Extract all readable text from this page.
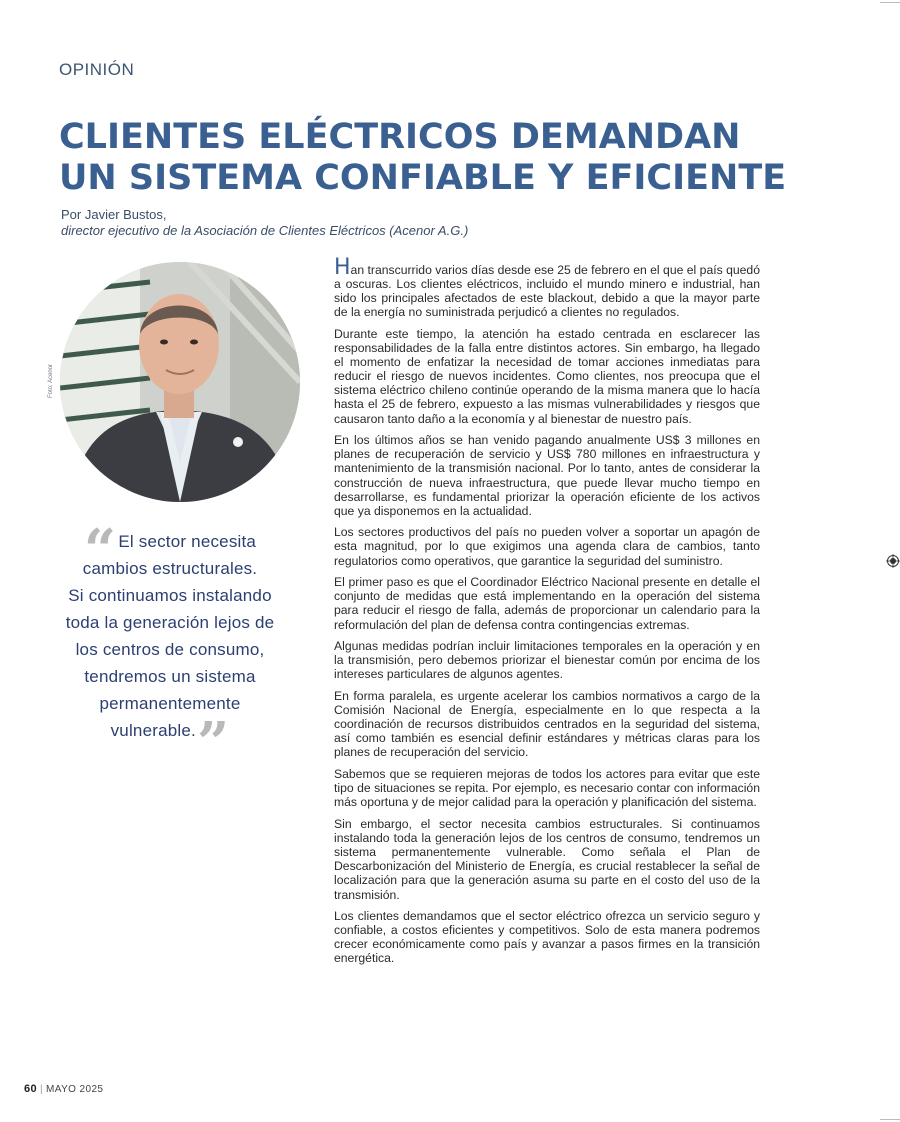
OPINIÓN
CLIENTES ELÉCTRICOS DEMANDAN
UN SISTEMA CONFIABLE Y EFICIENTE
Por Javier Bustos,
director ejecutivo de la Asociación de Clientes Eléctricos (Acenor A.G.)
Foto: Acenor
“ El sector necesita
cambios estructurales.
Si continuamos instalando
toda la generación lejos de
los centros de consumo,
tendremos un sistema
permanentemente
vulnerable.”

Han transcurrido varios días desde ese 25 de febrero en el que el país quedó a oscuras. Los clientes eléctricos, incluido el mundo minero e industrial, han sido los principales afectados de este blackout, debido a que la mayor parte de la energía no suministrada perjudicó a clientes no regulados.

Durante este tiempo, la atención ha estado centrada en esclarecer las responsabilidades de la falla entre distintos actores. Sin embargo, ha llegado el momento de enfatizar la necesidad de tomar acciones inmediatas para reducir el riesgo de nuevos incidentes. Como clientes, nos preocupa que el sistema eléctrico chileno continúe operando de la misma manera que lo hacía hasta el 25 de febrero, expuesto a las mismas vulnerabilidades y riesgos que causaron tanto daño a la economía y al bienestar de nuestro país.

En los últimos años se han venido pagando anualmente US$ 3 millones en planes de recuperación de servicio y US$ 780 millones en infraestructura y mantenimiento de la transmisión nacional. Por lo tanto, antes de considerar la construcción de nueva infraestructura, que puede llevar mucho tiempo en desarrollarse, es fundamental priorizar la operación eficiente de los activos que ya disponemos en la actualidad.

Los sectores productivos del país no pueden volver a soportar un apagón de esta magnitud, por lo que exigimos una agenda clara de cambios, tanto regulatorios como operativos, que garantice la seguridad del suministro.

El primer paso es que el Coordinador Eléctrico Nacional presente en detalle el conjunto de medidas que está implementando en la operación del sistema para reducir el riesgo de falla, además de proporcionar un calendario para la reformulación del plan de defensa contra contingencias extremas.

Algunas medidas podrían incluir limitaciones temporales en la operación y en la transmisión, pero debemos priorizar el bienestar común por encima de los intereses particulares de algunos agentes.

En forma paralela, es urgente acelerar los cambios normativos a cargo de la Comisión Nacional de Energía, especialmente en lo que respecta a la coordinación de recursos distribuidos centrados en la seguridad del sistema, así como también es esencial definir estándares y métricas claras para los planes de recuperación del servicio.

Sabemos que se requieren mejoras de todos los actores para evitar que este tipo de situaciones se repita. Por ejemplo, es necesario contar con información más oportuna y de mejor calidad para la operación y planificación del sistema.

Sin embargo, el sector necesita cambios estructurales. Si continuamos instalando toda la generación lejos de los centros de consumo, tendremos un sistema permanentemente vulnerable. Como señala el Plan de Descarbonización del Ministerio de Energía, es crucial restablecer la señal de localización para que la generación asuma su parte en el costo del uso de la transmisión.

Los clientes demandamos que el sector eléctrico ofrezca un servicio seguro y confiable, a costos eficientes y competitivos. Solo de esta manera podremos crecer económicamente como país y avanzar a pasos firmes en la transición energética.

60 | MAYO 2025
